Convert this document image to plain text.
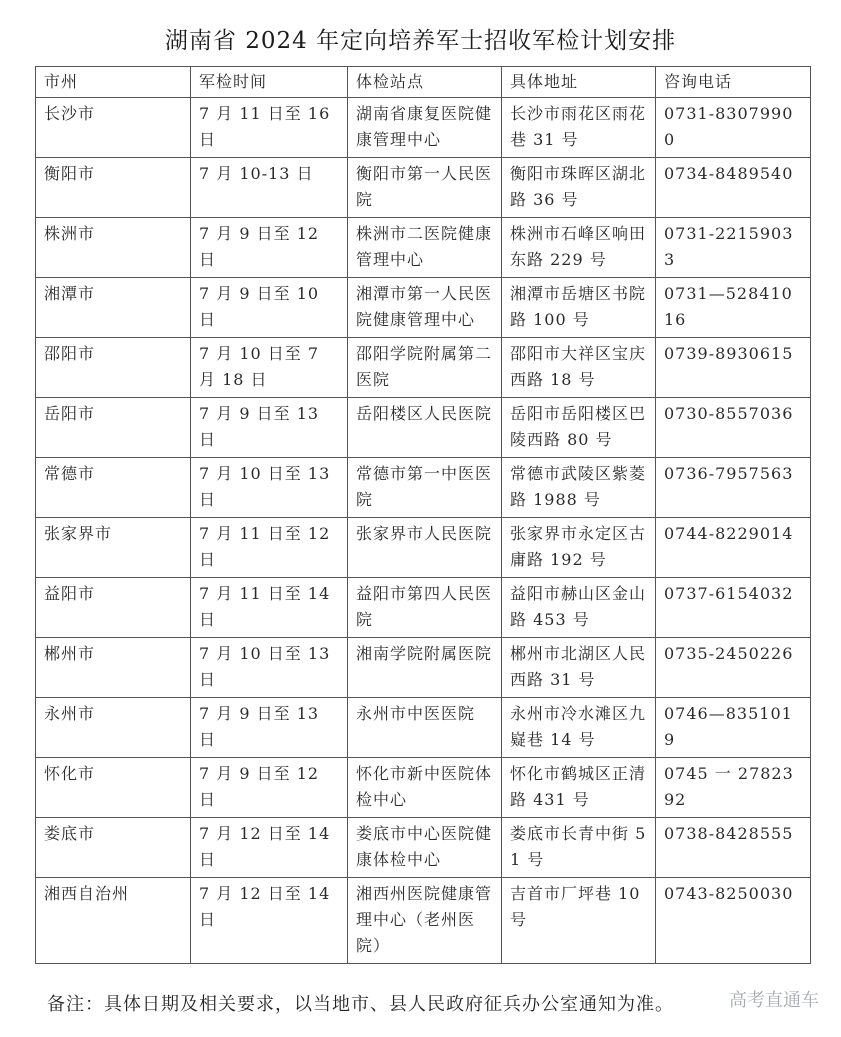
湖南省 2024 年定向培养军士招收军检计划安排
市州	军检时间	体检站点	具体地址	咨询电话
长沙市	7 月 11 日至 16 日	湖南省康复医院健康管理中心	长沙市雨花区雨花巷 31 号	0731-83079900
衡阳市	7 月 10-13 日	衡阳市第一人民医院	衡阳市珠晖区湖北路 36 号	0734-8489540
株洲市	7 月 9 日至 12 日	株洲市二医院健康管理中心	株洲市石峰区响田东路 229 号	0731-22159033
湘潭市	7 月 9 日至 10 日	湘潭市第一人民医院健康管理中心	湘潭市岳塘区书院路 100 号	0731—52841016
邵阳市	7 月 10 日至 7 月 18 日	邵阳学院附属第二医院	邵阳市大祥区宝庆西路 18 号	0739-8930615
岳阳市	7 月 9 日至 13 日	岳阳楼区人民医院	岳阳市岳阳楼区巴陵西路 80 号	0730-8557036
常德市	7 月 10 日至 13 日	常德市第一中医医院	常德市武陵区紫菱路 1988 号	0736-7957563
张家界市	7 月 11 日至 12 日	张家界市人民医院	张家界市永定区古庸路 192 号	0744-8229014
益阳市	7 月 11 日至 14 日	益阳市第四人民医院	益阳市赫山区金山路 453 号	0737-6154032
郴州市	7 月 10 日至 13 日	湘南学院附属医院	郴州市北湖区人民西路 31 号	0735-2450226
永州市	7 月 9 日至 13 日	永州市中医医院	永州市冷水滩区九嶷巷 14 号	0746—8351019
怀化市	7 月 9 日至 12 日	怀化市新中医院体检中心	怀化市鹤城区正清路 431 号	0745 一 2782392
娄底市	7 月 12 日至 14 日	娄底市中心医院健康体检中心	娄底市长青中街 51 号	0738-8428555
湘西自治州	7 月 12 日至 14 日	湘西州医院健康管理中心（老州医院）	吉首市厂坪巷 10 号	0743-8250030
备注：具体日期及相关要求，以当地市、县人民政府征兵办公室通知为准。	高考直通车
